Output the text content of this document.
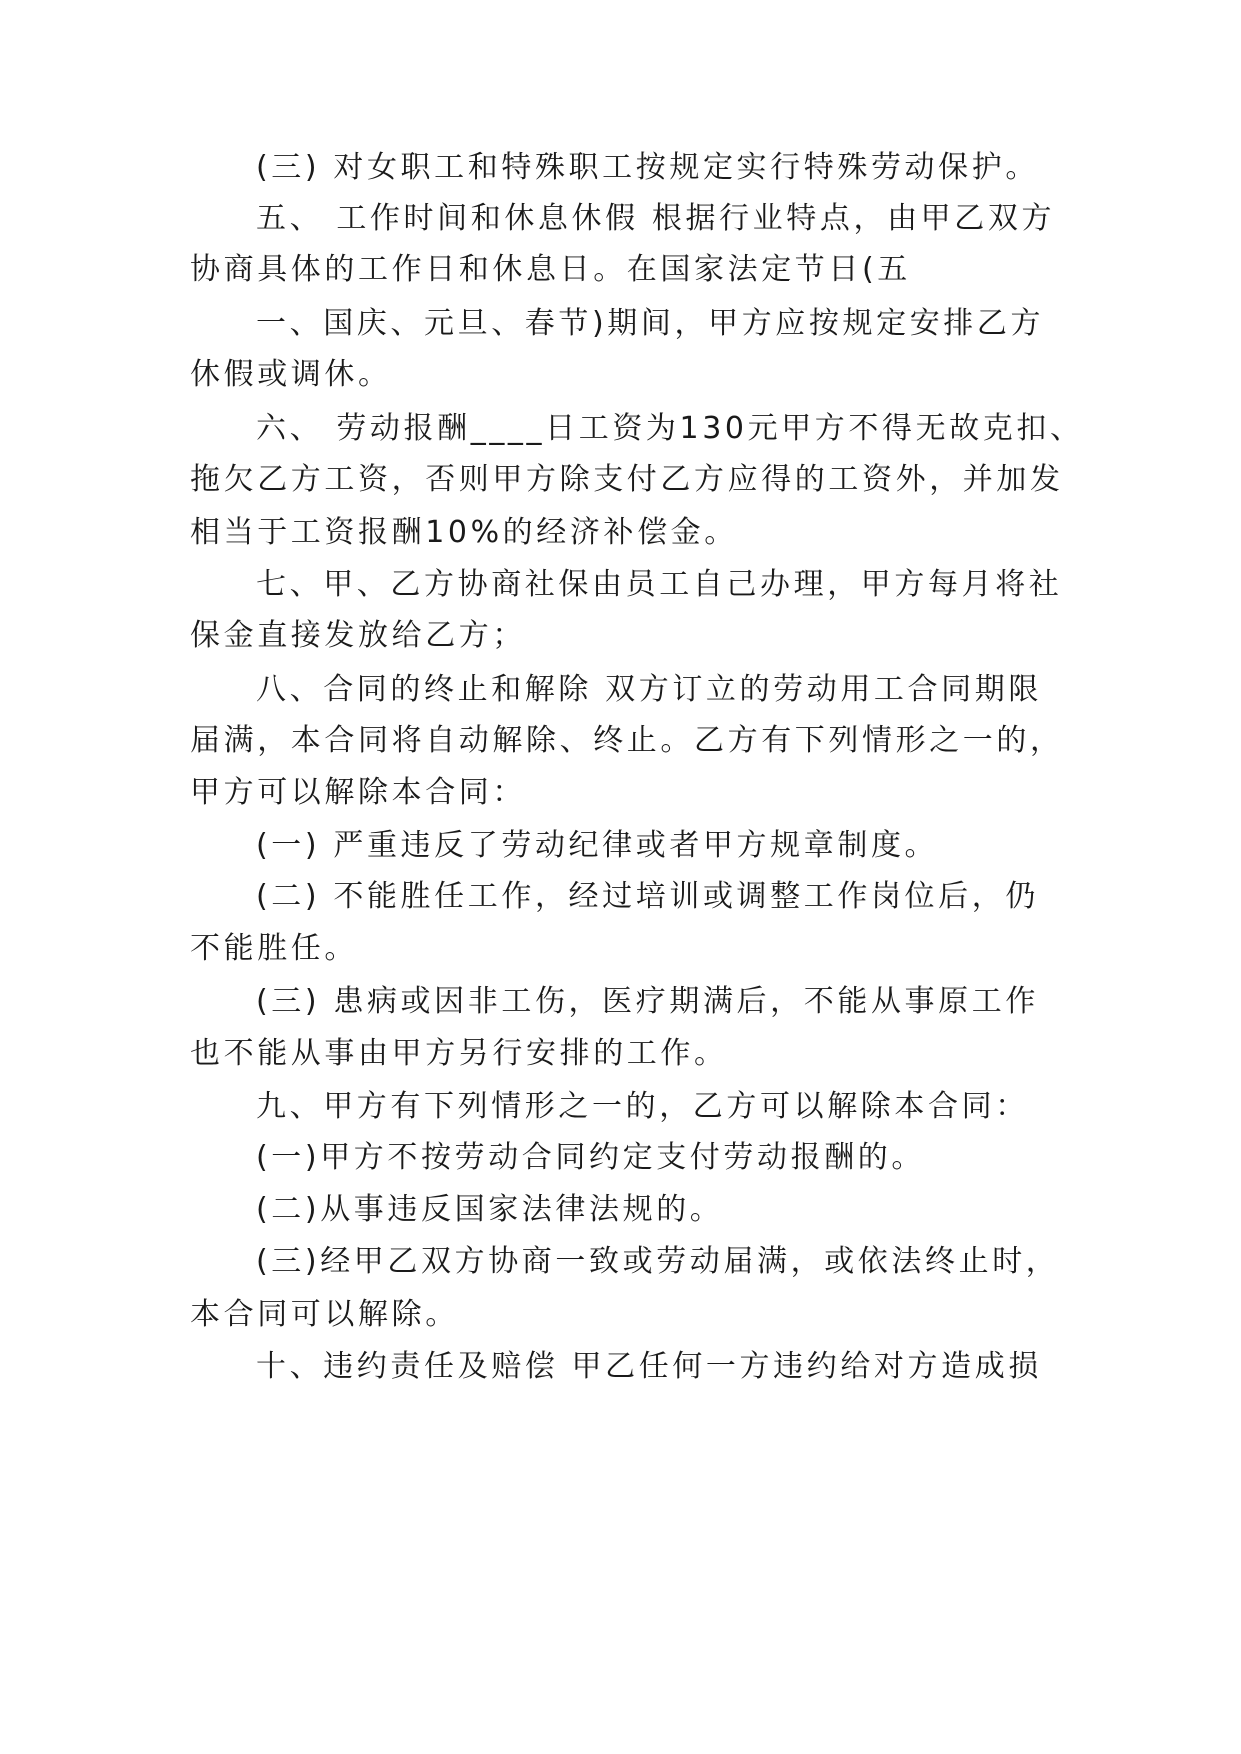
(三) 对女职工和特殊职工按规定实行特殊劳动保护。

五、 工作时间和休息休假 根据行业特点，由甲乙双方

协商具体的工作日和休息日。在国家法定节日(五

一、国庆、元旦、春节)期间，甲方应按规定安排乙方

休假或调休。

六、 劳动报酬____日工资为130元甲方不得无故克扣、

拖欠乙方工资，否则甲方除支付乙方应得的工资外，并加发

相当于工资报酬10%的经济补偿金。

七、甲、乙方协商社保由员工自己办理，甲方每月将社

保金直接发放给乙方；

八、合同的终止和解除 双方订立的劳动用工合同期限

届满，本合同将自动解除、终止。乙方有下列情形之一的，

甲方可以解除本合同：

(一) 严重违反了劳动纪律或者甲方规章制度。

(二) 不能胜任工作，经过培训或调整工作岗位后，仍

不能胜任。

(三) 患病或因非工伤，医疗期满后，不能从事原工作

也不能从事由甲方另行安排的工作。

九、甲方有下列情形之一的，乙方可以解除本合同：

(一)甲方不按劳动合同约定支付劳动报酬的。

(二)从事违反国家法律法规的。

(三)经甲乙双方协商一致或劳动届满，或依法终止时，

本合同可以解除。

十、违约责任及赔偿 甲乙任何一方违约给对方造成损
